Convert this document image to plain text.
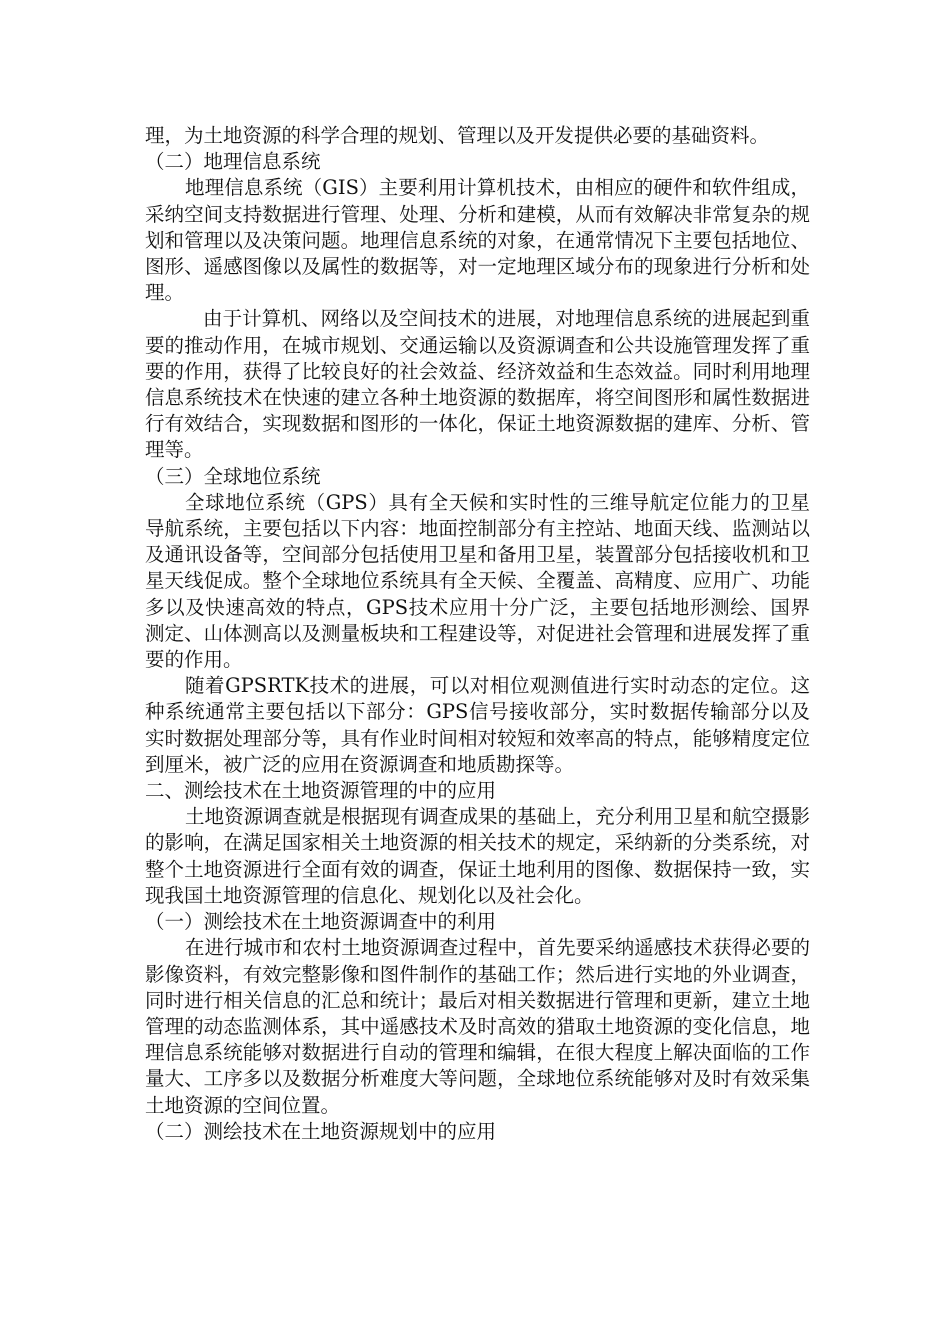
理，为土地资源的科学合理的规划、管理以及开发提供必要的基础资料。

（二）地理信息系统

地理信息系统（GIS）主要利用计算机技术，由相应的硬件和软件组成，采纳空间支持数据进行管理、处理、分析和建模，从而有效解决非常复杂的规划和管理以及决策问题。地理信息系统的对象，在通常情况下主要包括地位、图形、遥感图像以及属性的数据等，对一定地理区域分布的现象进行分析和处理。

由于计算机、网络以及空间技术的进展，对地理信息系统的进展起到重要的推动作用，在城市规划、交通运输以及资源调查和公共设施管理发挥了重要的作用，获得了比较良好的社会效益、经济效益和生态效益。同时利用地理信息系统技术在快速的建立各种土地资源的数据库，将空间图形和属性数据进行有效结合，实现数据和图形的一体化，保证土地资源数据的建库、分析、管理等。

（三）全球地位系统

全球地位系统（GPS）具有全天候和实时性的三维导航定位能力的卫星导航系统，主要包括以下内容：地面控制部分有主控站、地面天线、监测站以及通讯设备等，空间部分包括使用卫星和备用卫星，装置部分包括接收机和卫星天线促成。整个全球地位系统具有全天候、全覆盖、高精度、应用广、功能多以及快速高效的特点，GPS技术应用十分广泛，主要包括地形测绘、国界测定、山体测高以及测量板块和工程建设等，对促进社会管理和进展发挥了重要的作用。

随着GPSRTK技术的进展，可以对相位观测值进行实时动态的定位。这种系统通常主要包括以下部分：GPS信号接收部分，实时数据传输部分以及实时数据处理部分等，具有作业时间相对较短和效率高的特点，能够精度定位到厘米，被广泛的应用在资源调查和地质勘探等。

二、测绘技术在土地资源管理的中的应用

土地资源调查就是根据现有调查成果的基础上，充分利用卫星和航空摄影的影响，在满足国家相关土地资源的相关技术的规定，采纳新的分类系统，对整个土地资源进行全面有效的调查，保证土地利用的图像、数据保持一致，实现我国土地资源管理的信息化、规划化以及社会化。

（一）测绘技术在土地资源调查中的利用

在进行城市和农村土地资源调查过程中，首先要采纳遥感技术获得必要的影像资料，有效完整影像和图件制作的基础工作；然后进行实地的外业调查，同时进行相关信息的汇总和统计；最后对相关数据进行管理和更新，建立土地管理的动态监测体系，其中遥感技术及时高效的猎取土地资源的变化信息，地理信息系统能够对数据进行自动的管理和编辑，在很大程度上解决面临的工作量大、工序多以及数据分析难度大等问题，全球地位系统能够对及时有效采集土地资源的空间位置。

（二）测绘技术在土地资源规划中的应用
